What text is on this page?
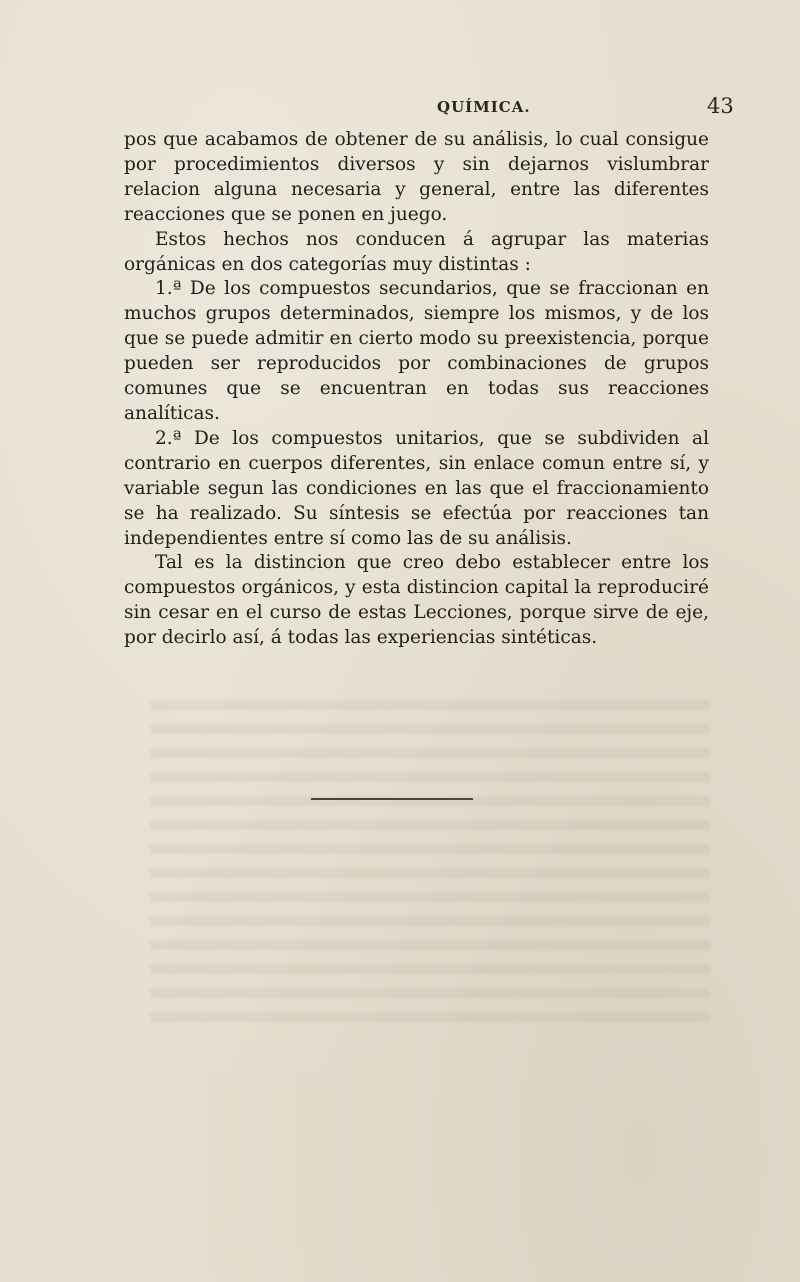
QUÍMICA.	43

pos que acabamos de obtener de su análisis, lo cual consigue por procedimientos diversos y sin dejarnos vislumbrar relacion alguna necesaria y general, entre las diferentes reacciones que se ponen en juego.

Estos hechos nos conducen á agrupar las materias orgánicas en dos categorías muy distintas :

1.ª De los compuestos secundarios, que se fraccionan en muchos grupos determinados, siempre los mismos, y de los que se puede admitir en cierto modo su preexistencia, porque pueden ser reproducidos por combinaciones de grupos comunes que se encuentran en todas sus reacciones analíticas.

2.ª De los compuestos unitarios, que se subdividen al contrario en cuerpos diferentes, sin enlace comun entre sí, y variable segun las condiciones en las que el fraccionamiento se ha realizado. Su síntesis se efectúa por reacciones tan independientes entre sí como las de su análisis.

Tal es la distincion que creo debo establecer entre los compuestos orgánicos, y esta distincion capital la reproduciré sin cesar en el curso de estas Lecciones, porque sirve de eje, por decirlo así, á todas las experiencias sintéticas.
